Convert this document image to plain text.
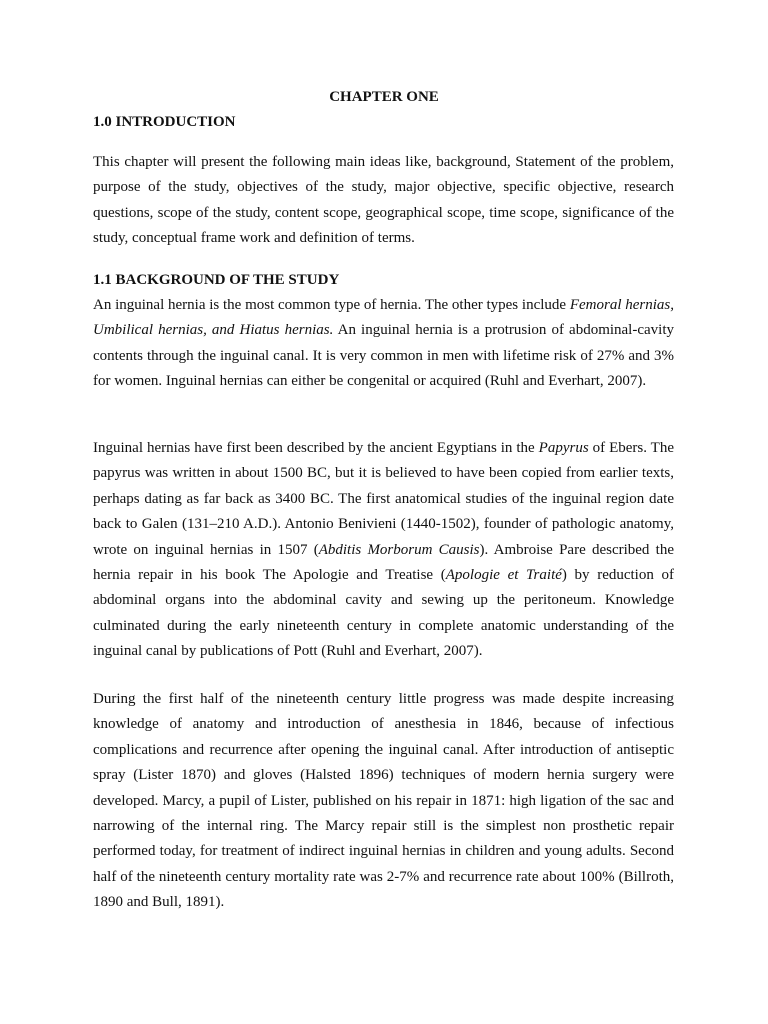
CHAPTER ONE
1.0 INTRODUCTION

This chapter will present the following main ideas like, background, Statement of the problem, purpose of the study, objectives of the study, major objective, specific objective, research questions, scope of the study, content scope, geographical scope, time scope, significance of the study, conceptual frame work and definition of terms.

1.1 BACKGROUND OF THE STUDY

An inguinal hernia is the most common type of hernia. The other types include Femoral hernias, Umbilical hernias, and Hiatus hernias. An inguinal hernia is a protrusion of abdominal-cavity contents through the inguinal canal. It is very common in men with lifetime risk of 27% and 3% for women. Inguinal hernias can either be congenital or acquired (Ruhl and Everhart, 2007).

Inguinal hernias have first been described by the ancient Egyptians in the Papyrus of Ebers. The papyrus was written in about 1500 BC, but it is believed to have been copied from earlier texts, perhaps dating as far back as 3400 BC. The first anatomical studies of the inguinal region date back to Galen (131–210 A.D.). Antonio Benivieni (1440-1502), founder of pathologic anatomy, wrote on inguinal hernias in 1507 (Abditis Morborum Causis). Ambroise Pare described the hernia repair in his book The Apologie and Treatise (Apologie et Traité) by reduction of abdominal organs into the abdominal cavity and sewing up the peritoneum. Knowledge culminated during the early nineteenth century in complete anatomic understanding of the inguinal canal by publications of Pott (Ruhl and Everhart, 2007).

During the first half of the nineteenth century little progress was made despite increasing knowledge of anatomy and introduction of anesthesia in 1846, because of infectious complications and recurrence after opening the inguinal canal. After introduction of antiseptic spray (Lister 1870) and gloves (Halsted 1896) techniques of modern hernia surgery were developed. Marcy, a pupil of Lister, published on his repair in 1871: high ligation of the sac and narrowing of the internal ring. The Marcy repair still is the simplest non prosthetic repair performed today, for treatment of indirect inguinal hernias in children and young adults. Second half of the nineteenth century mortality rate was 2-7% and recurrence rate about 100% (Billroth, 1890 and Bull, 1891).
